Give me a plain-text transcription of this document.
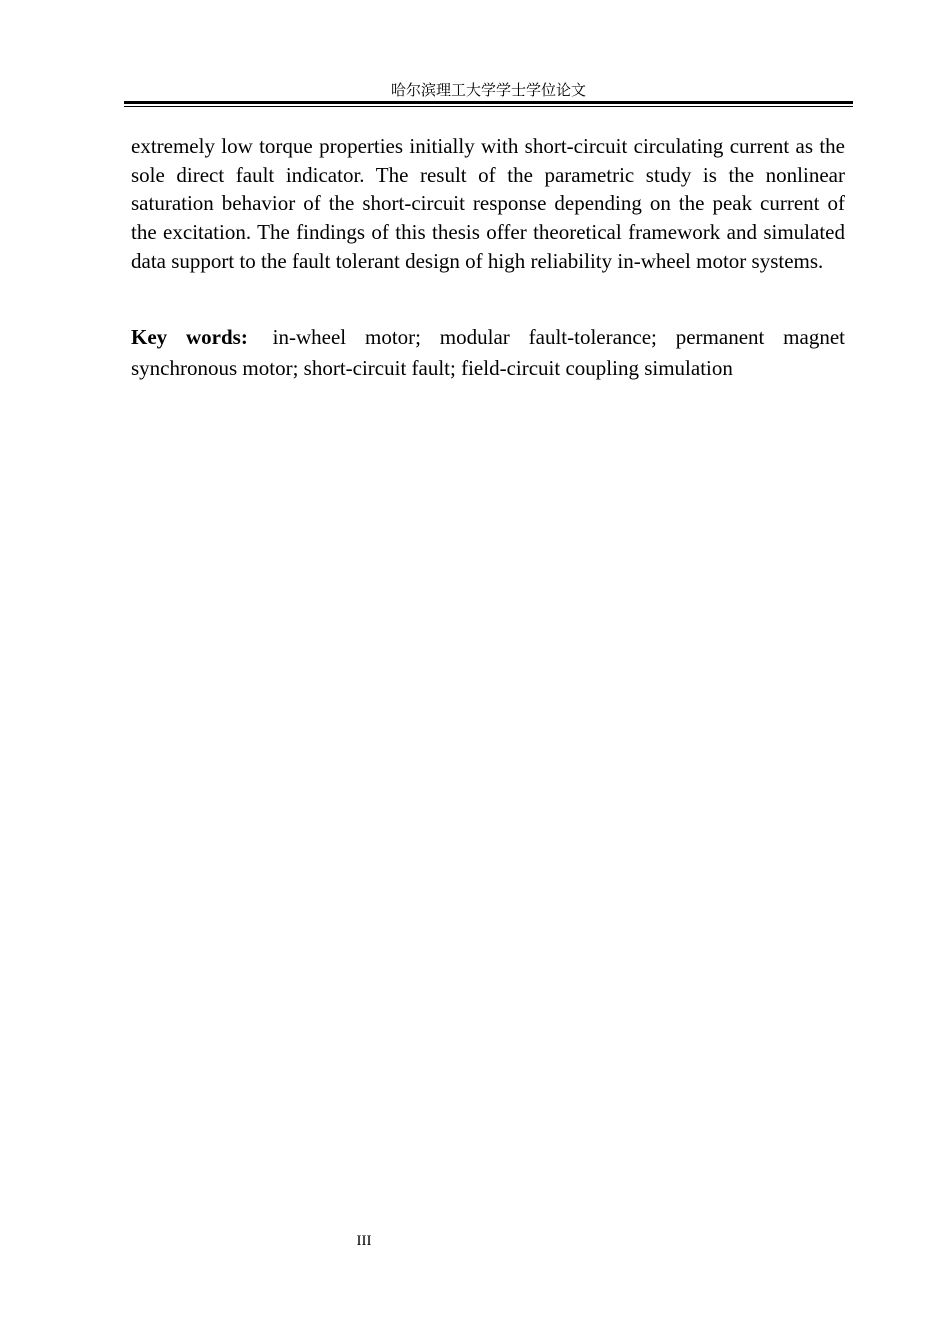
哈尔滨理工大学学士学位论文

extremely low torque properties initially with short-circuit circulating current as the sole direct fault indicator. The result of the parametric study is the nonlinear saturation behavior of the short-circuit response depending on the peak current of the excitation. The findings of this thesis offer theoretical framework and simulated data support to the fault tolerant design of high reliability in-wheel motor systems.

Key words: in-wheel motor; modular fault-tolerance; permanent magnet synchronous motor; short-circuit fault; field-circuit coupling simulation

III
